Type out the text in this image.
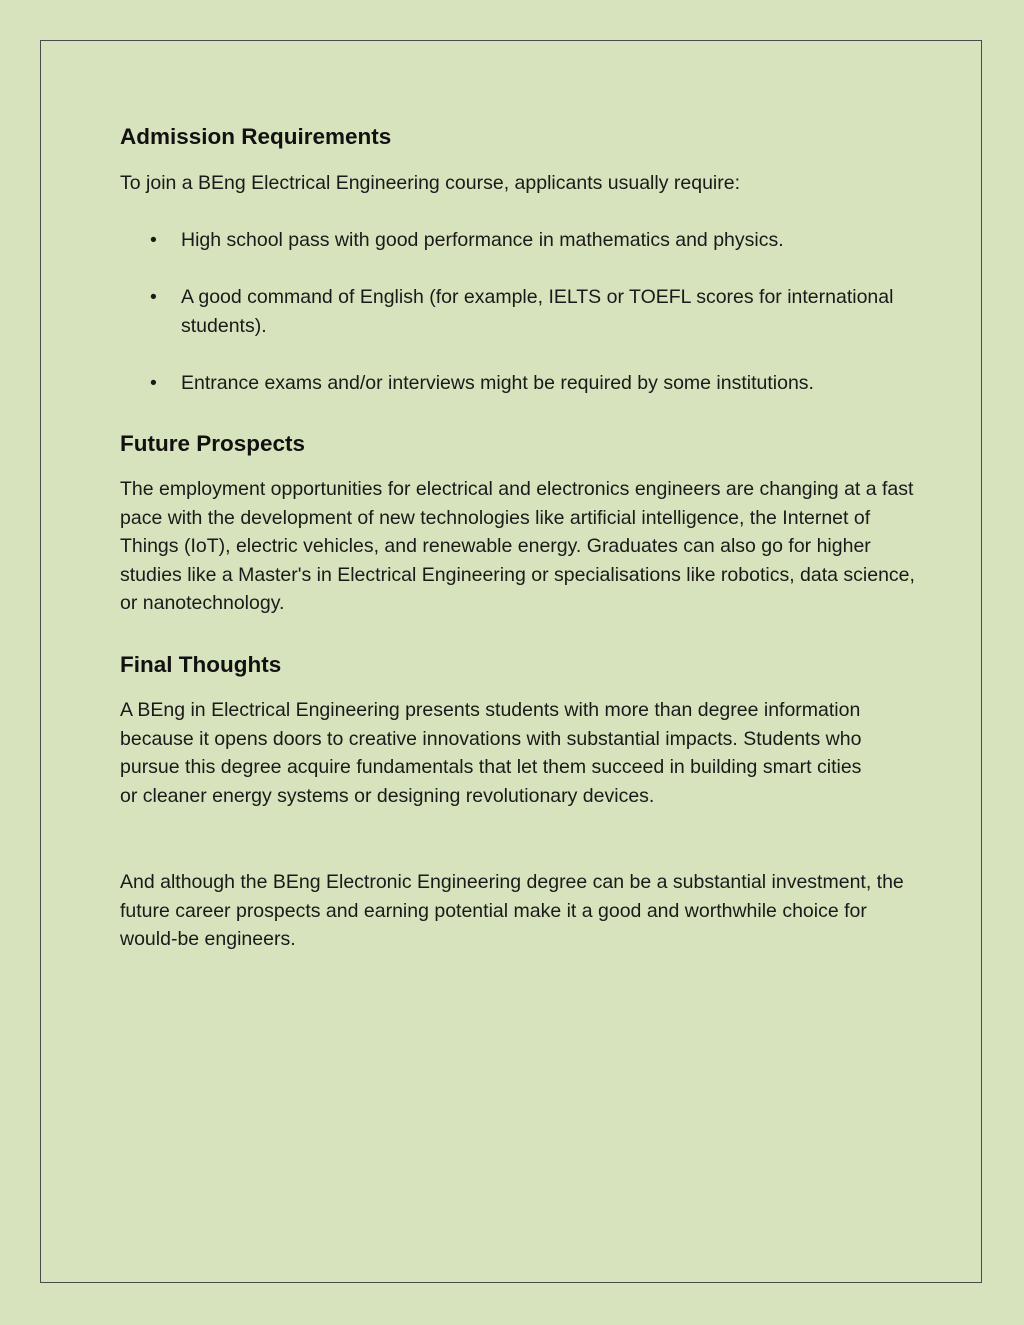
Admission Requirements

To join a BEng Electrical Engineering course, applicants usually require:

• High school pass with good performance in mathematics and physics.
• A good command of English (for example, IELTS or TOEFL scores for international students).
• Entrance exams and/or interviews might be required by some institutions.
Future Prospects

The employment opportunities for electrical and electronics engineers are changing at a fast pace with the development of new technologies like artificial intelligence, the Internet of Things (IoT), electric vehicles, and renewable energy. Graduates can also go for higher studies like a Master's in Electrical Engineering or specialisations like robotics, data science, or nanotechnology.

Final Thoughts

A BEng in Electrical Engineering presents students with more than degree information because it opens doors to creative innovations with substantial impacts. Students who pursue this degree acquire fundamentals that let them succeed in building smart cities or cleaner energy systems or designing revolutionary devices.

And although the BEng Electronic Engineering degree can be a substantial investment, the future career prospects and earning potential make it a good and worthwhile choice for would-be engineers.
